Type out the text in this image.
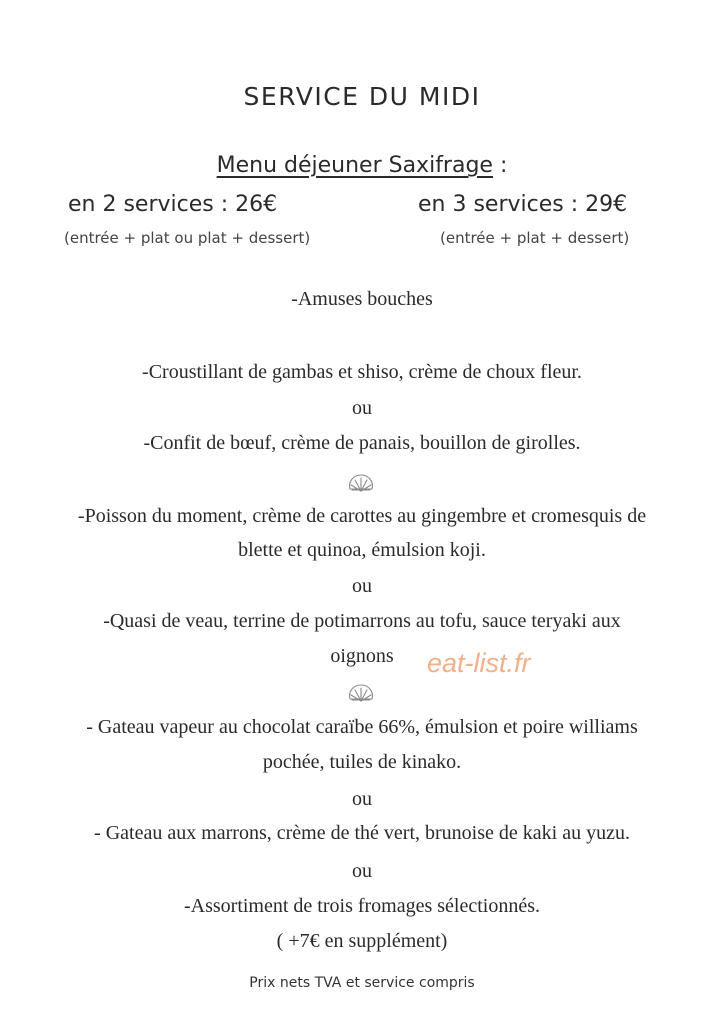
SERVICE DU MIDI
Menu déjeuner Saxifrage :
en 2 services : 26€	en 3 services : 29€
(entrée + plat ou plat + dessert)	(entrée + plat + dessert)
-Amuses bouches
-Croustillant de gambas et shiso, crème de choux fleur.
ou
-Confit de bœuf, crème de panais, bouillon de girolles.
-Poisson du moment, crème de carottes au gingembre et cromesquis de
blette et quinoa, émulsion koji.
ou
-Quasi de veau, terrine de potimarrons au tofu, sauce teryaki aux
oignons	eat-list.fr
- Gateau vapeur au chocolat caraïbe 66%, émulsion et poire williams
pochée, tuiles de kinako.
ou
- Gateau aux marrons, crème de thé vert, brunoise de kaki au yuzu.
ou
-Assortiment de trois fromages sélectionnés.
( +7€ en supplément)
Prix nets TVA et service compris
